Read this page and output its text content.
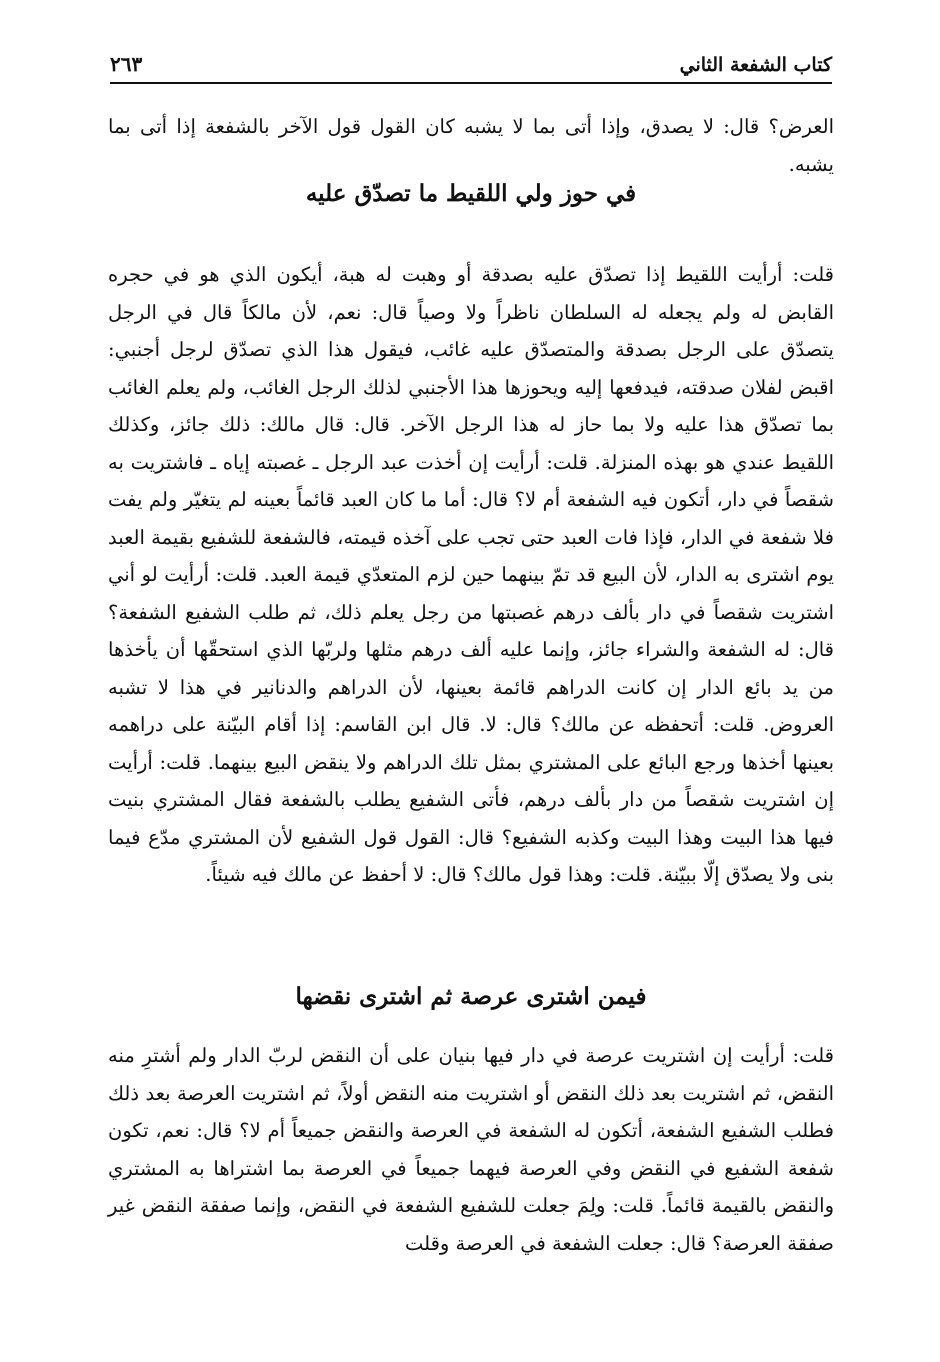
كتاب الشفعة الثاني
٢٦٣

العرض؟ قال: لا يصدق، وإذا أتى بما لا يشبه كان القول قول الآخر بالشفعة إذا أتى بما يشبه.

في حوز ولي اللقيط ما تصدّق عليه

قلت: أرأيت اللقيط إذا تصدّق عليه بصدقة أو وهبت له هبة، أيكون الذي هو في حجره القابض له ولم يجعله له السلطان ناظراً ولا وصياً قال: نعم، لأن مالكاً قال في الرجل يتصدّق على الرجل بصدقة والمتصدّق عليه غائب، فيقول هذا الذي تصدّق لرجل أجنبي: اقبض لفلان صدقته، فيدفعها إليه ويحوزها هذا الأجنبي لذلك الرجل الغائب، ولم يعلم الغائب بما تصدّق هذا عليه ولا بما حاز له هذا الرجل الآخر. قال: قال مالك: ذلك جائز، وكذلك اللقيط عندي هو بهذه المنزلة. قلت: أرأيت إن أخذت عبد الرجل ـ غصبته إياه ـ فاشتريت به شقصاً في دار، أتكون فيه الشفعة أم لا؟ قال: أما ما كان العبد قائماً بعينه لم يتغيّر ولم يفت فلا شفعة في الدار، فإذا فات العبد حتى تجب على آخذه قيمته، فالشفعة للشفيع بقيمة العبد يوم اشترى به الدار، لأن البيع قد تمّ بينهما حين لزم المتعدّي قيمة العبد. قلت: أرأيت لو أني اشتريت شقصاً في دار بألف درهم غصبتها من رجل يعلم ذلك، ثم طلب الشفيع الشفعة؟ قال: له الشفعة والشراء جائز، وإنما عليه ألف درهم مثلها ولربّها الذي استحقّها أن يأخذها من يد بائع الدار إن كانت الدراهم قائمة بعينها، لأن الدراهم والدنانير في هذا لا تشبه العروض. قلت: أتحفظه عن مالك؟ قال: لا. قال ابن القاسم: إذا أقام البيّنة على دراهمه بعينها أخذها ورجع البائع على المشتري بمثل تلك الدراهم ولا ينقض البيع بينهما. قلت: أرأيت إن اشتريت شقصاً من دار بألف درهم، فأتى الشفيع يطلب بالشفعة فقال المشتري بنيت فيها هذا البيت وهذا البيت وكذبه الشفيع؟ قال: القول قول الشفيع لأن المشتري مدّع فيما بنى ولا يصدّق إلّا ببيّنة. قلت: وهذا قول مالك؟ قال: لا أحفظ عن مالك فيه شيئاً.

فيمن اشترى عرصة ثم اشترى نقضها

قلت: أرأيت إن اشتريت عرصة في دار فيها بنيان على أن النقض لربّ الدار ولم أشترِ منه النقض، ثم اشتريت بعد ذلك النقض أو اشتريت منه النقض أولاً، ثم اشتريت العرصة بعد ذلك فطلب الشفيع الشفعة، أتكون له الشفعة في العرصة والنقض جميعاً أم لا؟ قال: نعم، تكون شفعة الشفيع في النقض وفي العرصة فيهما جميعاً في العرصة بما اشتراها به المشتري والنقض بالقيمة قائماً. قلت: ولِمَ جعلت للشفيع الشفعة في النقض، وإنما صفقة النقض غير صفقة العرصة؟ قال: جعلت الشفعة في العرصة وقلت
